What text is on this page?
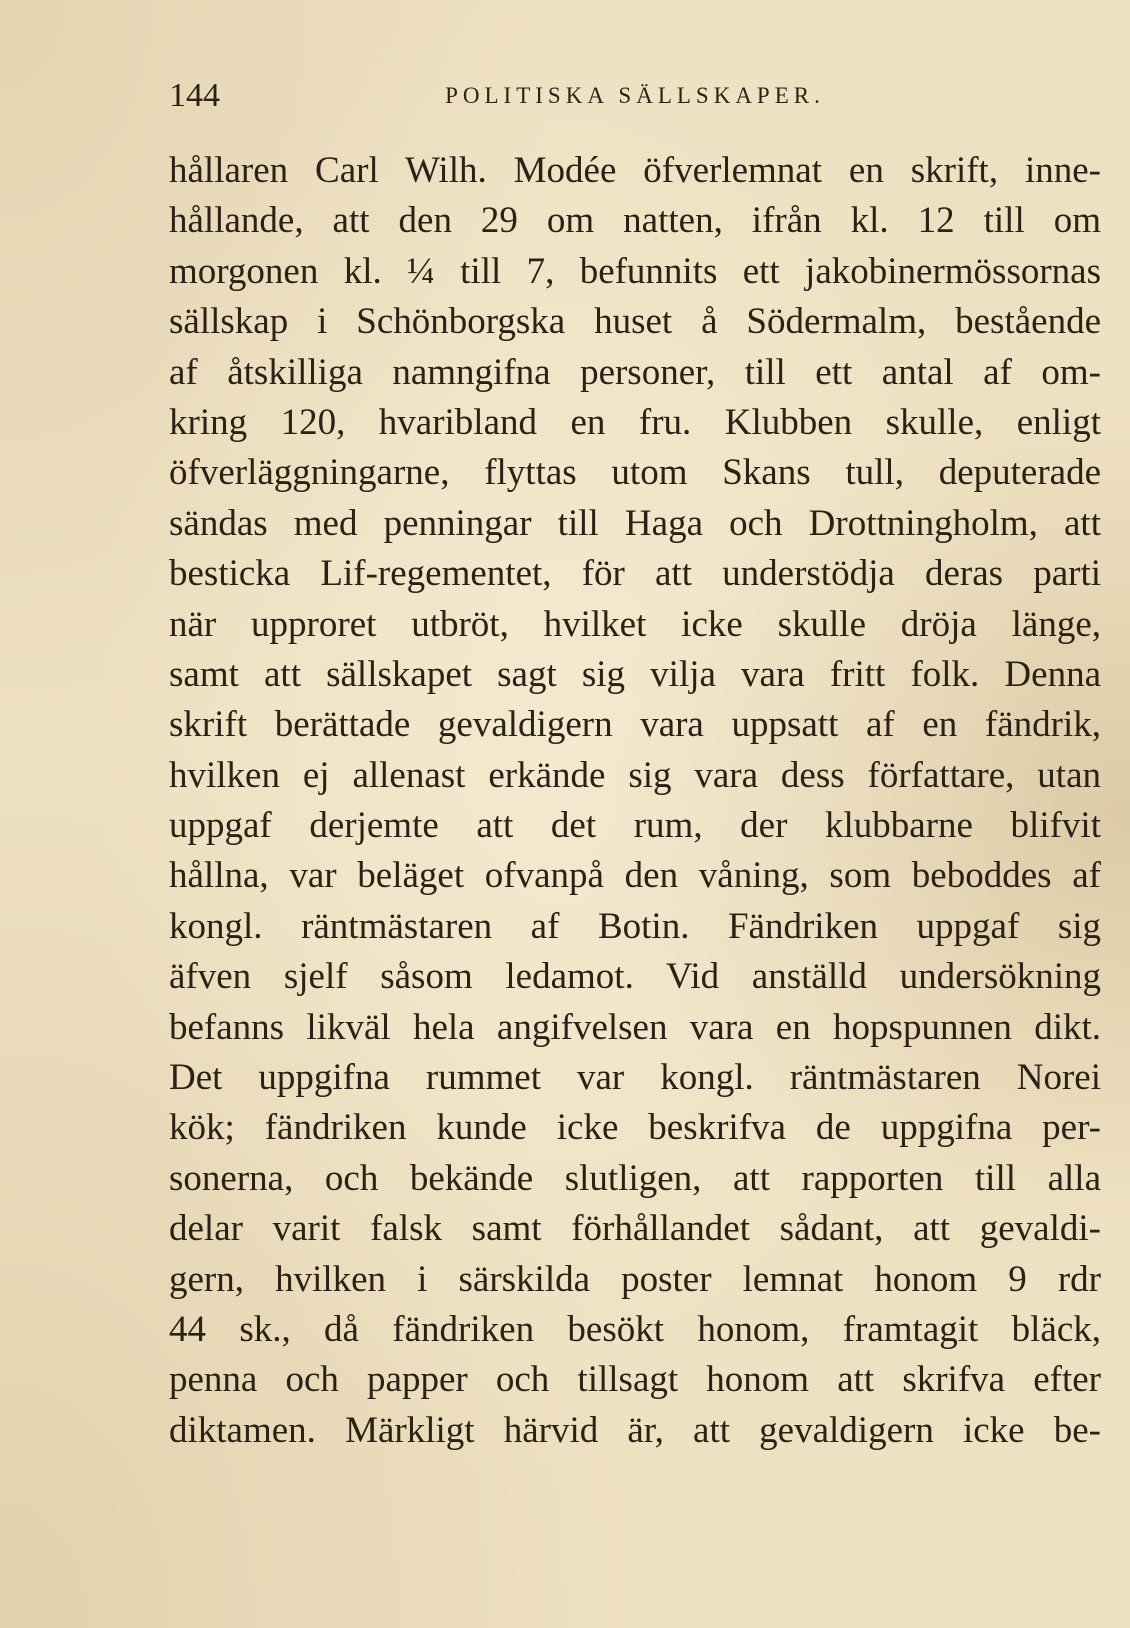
144	POLITISKA SÄLLSKAPER.
hållaren Carl Wilh. Modée öfverlemnat en skrift, inne-
hållande, att den 29 om natten, ifrån kl. 12 till om
morgonen kl. ¼ till 7, befunnits ett jakobinermössornas
sällskap i Schönborgska huset å Södermalm, bestående
af åtskilliga namngifna personer, till ett antal af om-
kring 120, hvaribland en fru. Klubben skulle, enligt
öfverläggningarne, flyttas utom Skans tull, deputerade
sändas med penningar till Haga och Drottningholm, att
besticka Lif-regementet, för att understödja deras parti
när upproret utbröt, hvilket icke skulle dröja länge,
samt att sällskapet sagt sig vilja vara fritt folk. Denna
skrift berättade gevaldigern vara uppsatt af en fändrik,
hvilken ej allenast erkände sig vara dess författare, utan
uppgaf derjemte att det rum, der klubbarne blifvit
hållna, var beläget ofvanpå den våning, som beboddes af
kongl. räntmästaren af Botin. Fändriken uppgaf sig
äfven sjelf såsom ledamot. Vid anställd undersökning
befanns likväl hela angifvelsen vara en hopspunnen dikt.
Det uppgifna rummet var kongl. räntmästaren Norei
kök; fändriken kunde icke beskrifva de uppgifna per-
sonerna, och bekände slutligen, att rapporten till alla
delar varit falsk samt förhållandet sådant, att gevaldi-
gern, hvilken i särskilda poster lemnat honom 9 rdr
44 sk., då fändriken besökt honom, framtagit bläck,
penna och papper och tillsagt honom att skrifva efter
diktamen. Märkligt härvid är, att gevaldigern icke be-
